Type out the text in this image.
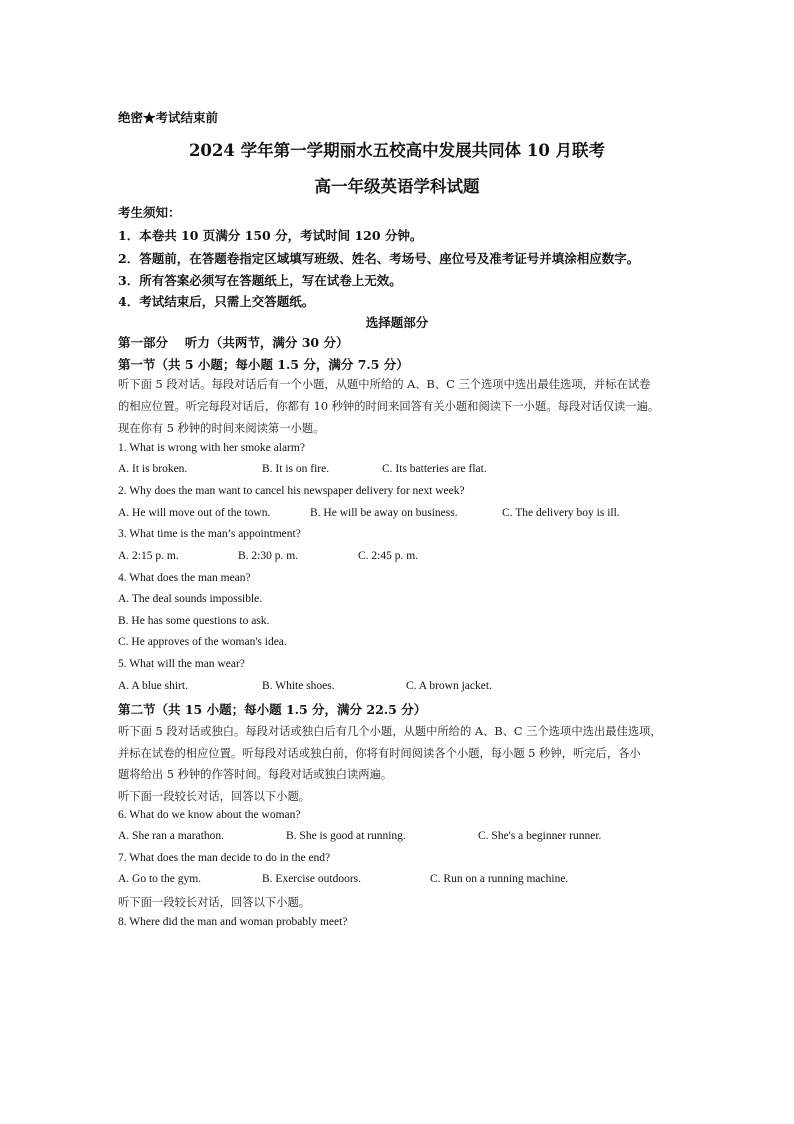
绝密★考试结束前
2024 学年第一学期丽水五校高中发展共同体 10 月联考
高一年级英语学科试题
考生须知：
1．本卷共 10 页满分 150 分，考试时间 120 分钟。
2．答题前，在答题卷指定区域填写班级、姓名、考场号、座位号及准考证号并填涂相应数字。
3．所有答案必须写在答题纸上，写在试卷上无效。
4．考试结束后，只需上交答题纸。
选择题部分
第一部分　 听力（共两节，满分 30 分）
第一节（共 5 小题；每小题 1.5 分，满分 7.5 分）
听下面 5 段对话。每段对话后有一个小题，从题中所给的 A、B、C 三个选项中选出最佳选项，并标在试卷
的相应位置。听完每段对话后，你都有 10 秒钟的时间来回答有关小题和阅读下一小题。每段对话仅读一遍。
现在你有 5 秒钟的时间来阅读第一小题。
1. What is wrong with her smoke alarm?
A. It is broken.	B. It is on fire.	C. Its batteries are flat.
2. Why does the man want to cancel his newspaper delivery for next week?
A. He will move out of the town.	B. He will be away on business.	C. The delivery boy is ill.
3. What time is the man’s appointment?
A. 2:15 p. m.	B. 2:30 p. m.	C. 2:45 p. m.
4. What does the man mean?
A. The deal sounds impossible.
B. He has some questions to ask.
C. He approves of the woman's idea.
5. What will the man wear?
A. A blue shirt.	B. White shoes.	C. A brown jacket.
第二节（共 15 小题；每小题 1.5 分，满分 22.5 分）
听下面 5 段对话或独白。每段对话或独白后有几个小题，从题中所给的 A、B、C 三个选项中选出最佳选项，
并标在试卷的相应位置。听每段对话或独白前，你将有时间阅读各个小题，每小题 5 秒钟，听完后，各小
题将给出 5 秒钟的作答时间。每段对话或独白读两遍。
听下面一段较长对话，回答以下小题。
6. What do we know about the woman?
A. She ran a marathon.	B. She is good at running.	C. She's a beginner runner.
7. What does the man decide to do in the end?
A. Go to the gym.	B. Exercise outdoors.	C. Run on a running machine.
听下面一段较长对话，回答以下小题。
8. Where did the man and woman probably meet?
